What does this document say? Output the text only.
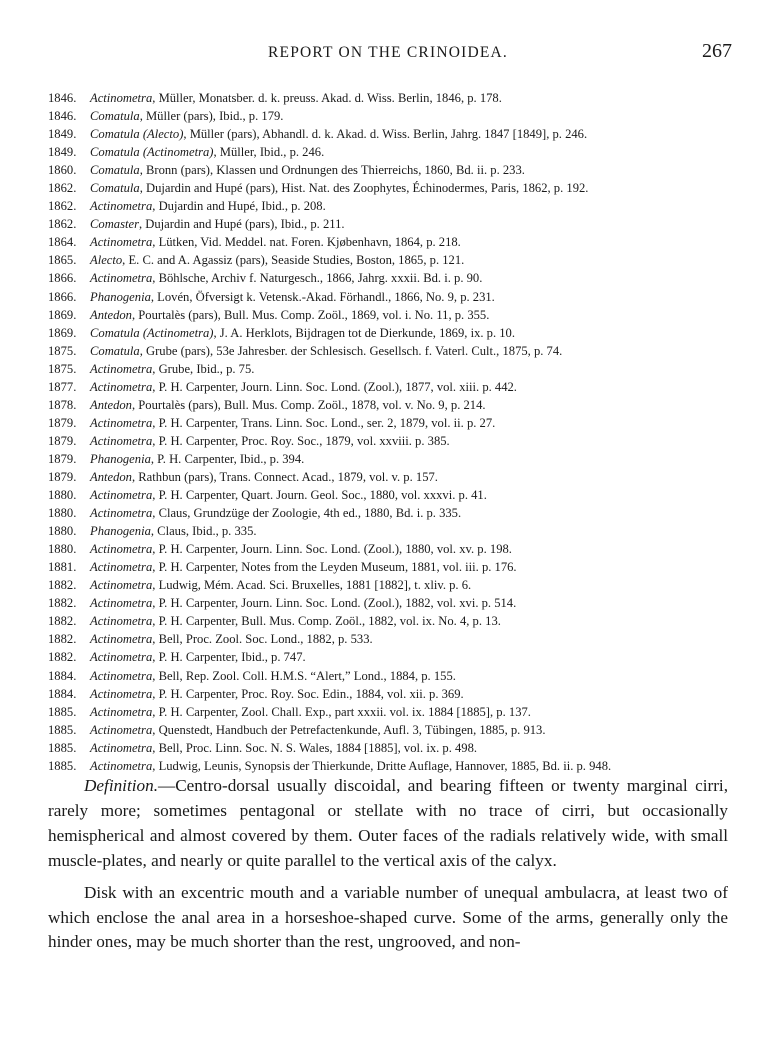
REPORT ON THE CRINOIDEA.	267
1846. Actinometra, Müller, Monatsber. d. k. preuss. Akad. d. Wiss. Berlin, 1846, p. 178.
1846. Comatula, Müller (pars), Ibid., p. 179.
1849. Comatula (Alecto), Müller (pars), Abhandl. d. k. Akad. d. Wiss. Berlin, Jahrg. 1847 [1849], p. 246.
1849. Comatula (Actinometra), Müller, Ibid., p. 246.
1860. Comatula, Bronn (pars), Klassen und Ordnungen des Thierreichs, 1860, Bd. ii. p. 233.
1862. Comatula, Dujardin and Hupé (pars), Hist. Nat. des Zoophytes, Échinodermes, Paris, 1862, p. 192.
1862. Actinometra, Dujardin and Hupé, Ibid., p. 208.
1862. Comaster, Dujardin and Hupé (pars), Ibid., p. 211.
1864. Actinometra, Lütken, Vid. Meddel. nat. Foren. Kjøbenhavn, 1864, p. 218.
1865. Alecto, E. C. and A. Agassiz (pars), Seaside Studies, Boston, 1865, p. 121.
1866. Actinometra, Böhlsche, Archiv f. Naturgesch., 1866, Jahrg. xxxii. Bd. i. p. 90.
1866. Phanogenia, Lovén, Öfversigt k. Vetensk.-Akad. Förhandl., 1866, No. 9, p. 231.
1869. Antedon, Pourtalès (pars), Bull. Mus. Comp. Zoöl., 1869, vol. i. No. 11, p. 355.
1869. Comatula (Actinometra), J. A. Herklots, Bijdragen tot de Dierkunde, 1869, ix. p. 10.
1875. Comatula, Grube (pars), 53e Jahresber. der Schlesisch. Gesellsch. f. Vaterl. Cult., 1875, p. 74.
1875. Actinometra, Grube, Ibid., p. 75.
1877. Actinometra, P. H. Carpenter, Journ. Linn. Soc. Lond. (Zool.), 1877, vol. xiii. p. 442.
1878. Antedon, Pourtalès (pars), Bull. Mus. Comp. Zoöl., 1878, vol. v. No. 9, p. 214.
1879. Actinometra, P. H. Carpenter, Trans. Linn. Soc. Lond., ser. 2, 1879, vol. ii. p. 27.
1879. Actinometra, P. H. Carpenter, Proc. Roy. Soc., 1879, vol. xxviii. p. 385.
1879. Phanogenia, P. H. Carpenter, Ibid., p. 394.
1879. Antedon, Rathbun (pars), Trans. Connect. Acad., 1879, vol. v. p. 157.
1880. Actinometra, P. H. Carpenter, Quart. Journ. Geol. Soc., 1880, vol. xxxvi. p. 41.
1880. Actinometra, Claus, Grundzüge der Zoologie, 4th ed., 1880, Bd. i. p. 335.
1880. Phanogenia, Claus, Ibid., p. 335.
1880. Actinometra, P. H. Carpenter, Journ. Linn. Soc. Lond. (Zool.), 1880, vol. xv. p. 198.
1881. Actinometra, P. H. Carpenter, Notes from the Leyden Museum, 1881, vol. iii. p. 176.
1882. Actinometra, Ludwig, Mém. Acad. Sci. Bruxelles, 1881 [1882], t. xliv. p. 6.
1882. Actinometra, P. H. Carpenter, Journ. Linn. Soc. Lond. (Zool.), 1882, vol. xvi. p. 514.
1882. Actinometra, P. H. Carpenter, Bull. Mus. Comp. Zoöl., 1882, vol. ix. No. 4, p. 13.
1882. Actinometra, Bell, Proc. Zool. Soc. Lond., 1882, p. 533.
1882. Actinometra, P. H. Carpenter, Ibid., p. 747.
1884. Actinometra, Bell, Rep. Zool. Coll. H.M.S. “Alert,” Lond., 1884, p. 155.
1884. Actinometra, P. H. Carpenter, Proc. Roy. Soc. Edin., 1884, vol. xii. p. 369.
1885. Actinometra, P. H. Carpenter, Zool. Chall. Exp., part xxxii. vol. ix. 1884 [1885], p. 137.
1885. Actinometra, Quenstedt, Handbuch der Petrefactenkunde, Aufl. 3, Tübingen, 1885, p. 913.
1885. Actinometra, Bell, Proc. Linn. Soc. N. S. Wales, 1884 [1885], vol. ix. p. 498.
1885. Actinometra, Ludwig, Leunis, Synopsis der Thierkunde, Dritte Auflage, Hannover, 1885, Bd. ii. p. 948.

Definition.—Centro-dorsal usually discoidal, and bearing fifteen or twenty marginal cirri, rarely more; sometimes pentagonal or stellate with no trace of cirri, but occasionally hemispherical and almost covered by them. Outer faces of the radials relatively wide, with small muscle-plates, and nearly or quite parallel to the vertical axis of the calyx.

Disk with an excentric mouth and a variable number of unequal ambulacra, at least two of which enclose the anal area in a horseshoe-shaped curve. Some of the arms, generally only the hinder ones, may be much shorter than the rest, ungrooved, and non-
